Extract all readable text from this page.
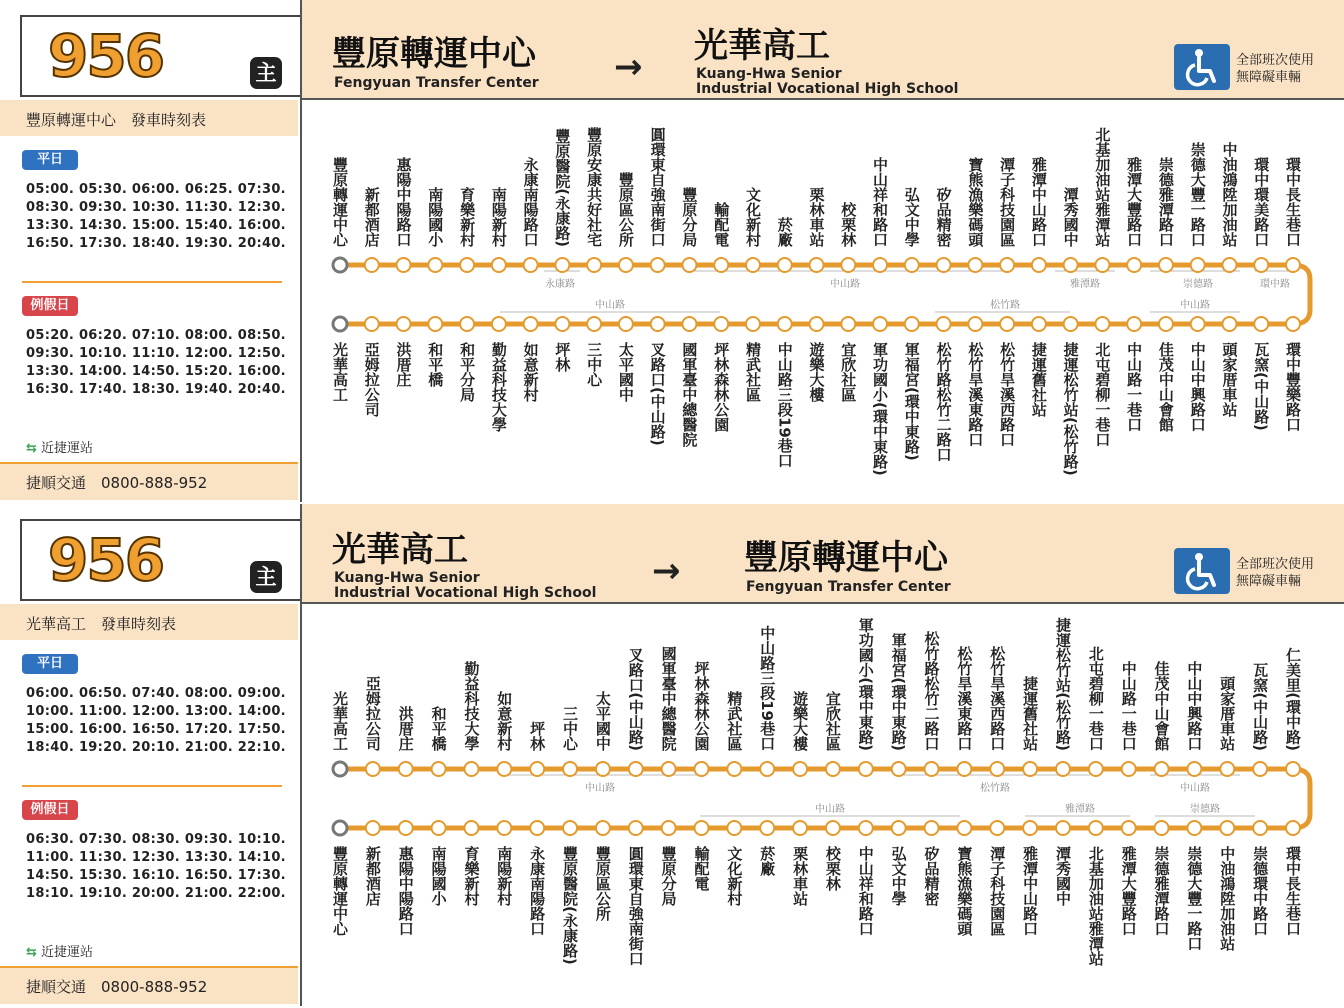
956	主
豐原轉運中心　發車時刻表
平日
05:00. 05:30. 06:00. 06:25. 07:30.
08:30. 09:30. 10:30. 11:30. 12:30.
13:30. 14:30. 15:00. 15:40. 16:00.
16:50. 17:30. 18:40. 19:30. 20:40.
例假日
05:20. 06:20. 07:10. 08:00. 08:50.
09:30. 10:10. 11:10. 12:00. 12:50.
13:30. 14:00. 14:50. 15:20. 16:00.
16:30. 17:40. 18:30. 19:40. 20:40.
⇆ 近捷運站
捷順交通　0800-888-952
豐原轉運中心
Fengyuan Transfer Center →
光華高工
Kuang-Hwa Senior
Industrial Vocational High School
全部班次使用
無障礙車輛
永康路	中山路	雅潭路	崇德路	環中路
中山路	松竹路	中山路
豐原轉運中心 新都酒店 惠陽中陽路口 南陽國小 育樂新村 南陽新村 永康南陽路口 豐原醫院(永康路) 豐原安康共好社宅 豐原區公所 圓環東自強南街口 豐原分局 輸配電 文化新村 菸廠 栗林車站 校栗林 中山祥和路口 弘文中學 矽品精密 寶熊漁樂碼頭 潭子科技園區 雅潭中山路口 潭秀國中 北基加油站雅潭站 雅潭大豐路口 崇德雅潭路口 崇德大豐一路口 中油鴻陞加油站 環中環美路口 環中長生巷口
光華高工 亞姆拉公司 洪厝庄 和平橋 和平分局 勤益科技大學 如意新村 坪林 三中心 太平國中 叉路口(中山路) 國軍臺中總醫院 坪林森林公園 精武社區 中山路三段19巷口 遊樂大樓 宜欣社區 軍功國小(環中東路) 軍福宮(環中東路) 松竹路松竹二路口 松竹旱溪東路口 松竹旱溪西路口 捷運舊社站 捷運松竹站(松竹路) 北屯碧柳一巷口 中山路一巷口 佳茂中山會館 中山中興路口 頭家厝車站 瓦窯(中山路) 環中豐樂路口
956	主
光華高工　發車時刻表
平日
06:00. 06:50. 07:40. 08:00. 09:00.
10:00. 11:00. 12:00. 13:00. 14:00.
15:00. 16:00. 16:50. 17:20. 17:50.
18:40. 19:20. 20:10. 21:00. 22:10.
例假日
06:30. 07:30. 08:30. 09:30. 10:10.
11:00. 11:30. 12:30. 13:30. 14:10.
14:50. 15:30. 16:10. 16:50. 17:30.
18:10. 19:10. 20:00. 21:00. 22:00.
⇆ 近捷運站
捷順交通　0800-888-952
光華高工
Kuang-Hwa Senior
Industrial Vocational High School
→ 豐原轉運中心
Fengyuan Transfer Center
全部班次使用
無障礙車輛
中山路	松竹路	中山路
中山路	雅潭路	崇德路
光華高工 亞姆拉公司 洪厝庄 和平橋 勤益科技大學 如意新村 坪林 三中心 太平國中 叉路口(中山路) 國軍臺中總醫院 坪林森林公園 精武社區 中山路三段19巷口 遊樂大樓 宜欣社區 軍功國小(環中東路) 軍福宮(環中東路) 松竹路松竹二路口 松竹旱溪東路口 松竹旱溪西路口 捷運舊社站 捷運松竹站(松竹路) 北屯碧柳一巷口 中山路一巷口 佳茂中山會館 中山中興路口 頭家厝車站 瓦窯(中山路) 仁美里(環中路)
豐原轉運中心 新都酒店 惠陽中陽路口 南陽國小 育樂新村 南陽新村 永康南陽路口 豐原醫院(永康路) 豐原區公所 圓環東自強南街口 豐原分局 輸配電 文化新村 菸廠 栗林車站 校栗林 中山祥和路口 弘文中學 矽品精密 寶熊漁樂碼頭 潭子科技園區 雅潭中山路口 潭秀國中 北基加油站雅潭站 雅潭大豐路口 崇德雅潭路口 崇德大豐一路口 中油鴻陞加油站 崇德環中路口 環中長生巷口
